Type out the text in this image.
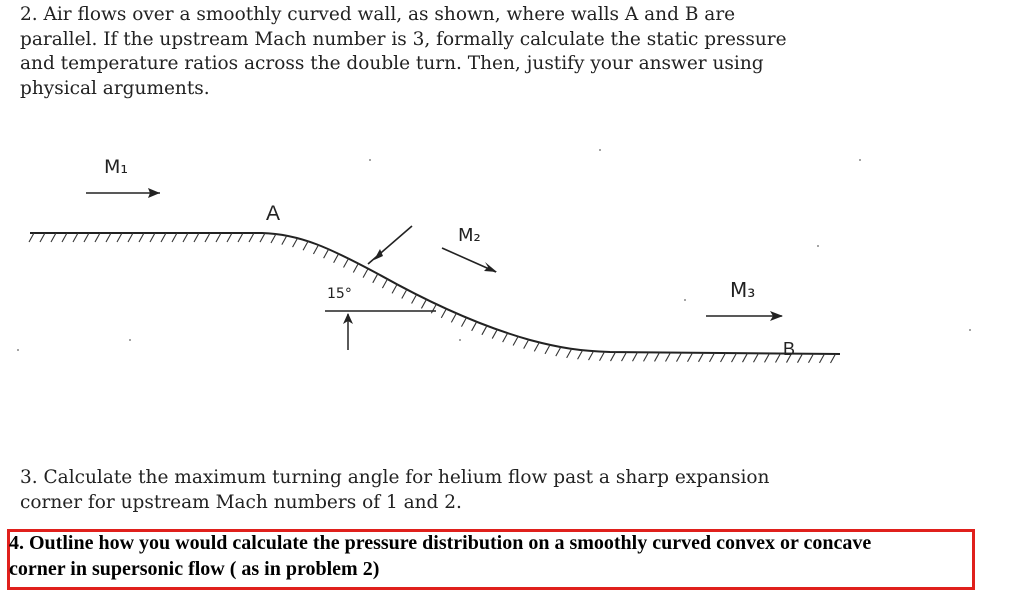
2. Air flows over a smoothly curved wall, as shown, where walls A and B are
parallel. If the upstream Mach number is 3, formally calculate the static pressure
and temperature ratios across the double turn. Then, justify your answer using
physical arguments.
M₁
A
M₂
15°	M₃
B
3. Calculate the maximum turning angle for helium flow past a sharp expansion
corner for upstream Mach numbers of 1 and 2.
4. Outline how you would calculate the pressure distribution on a smoothly curved convex or concave
corner in supersonic flow ( as in problem 2)
